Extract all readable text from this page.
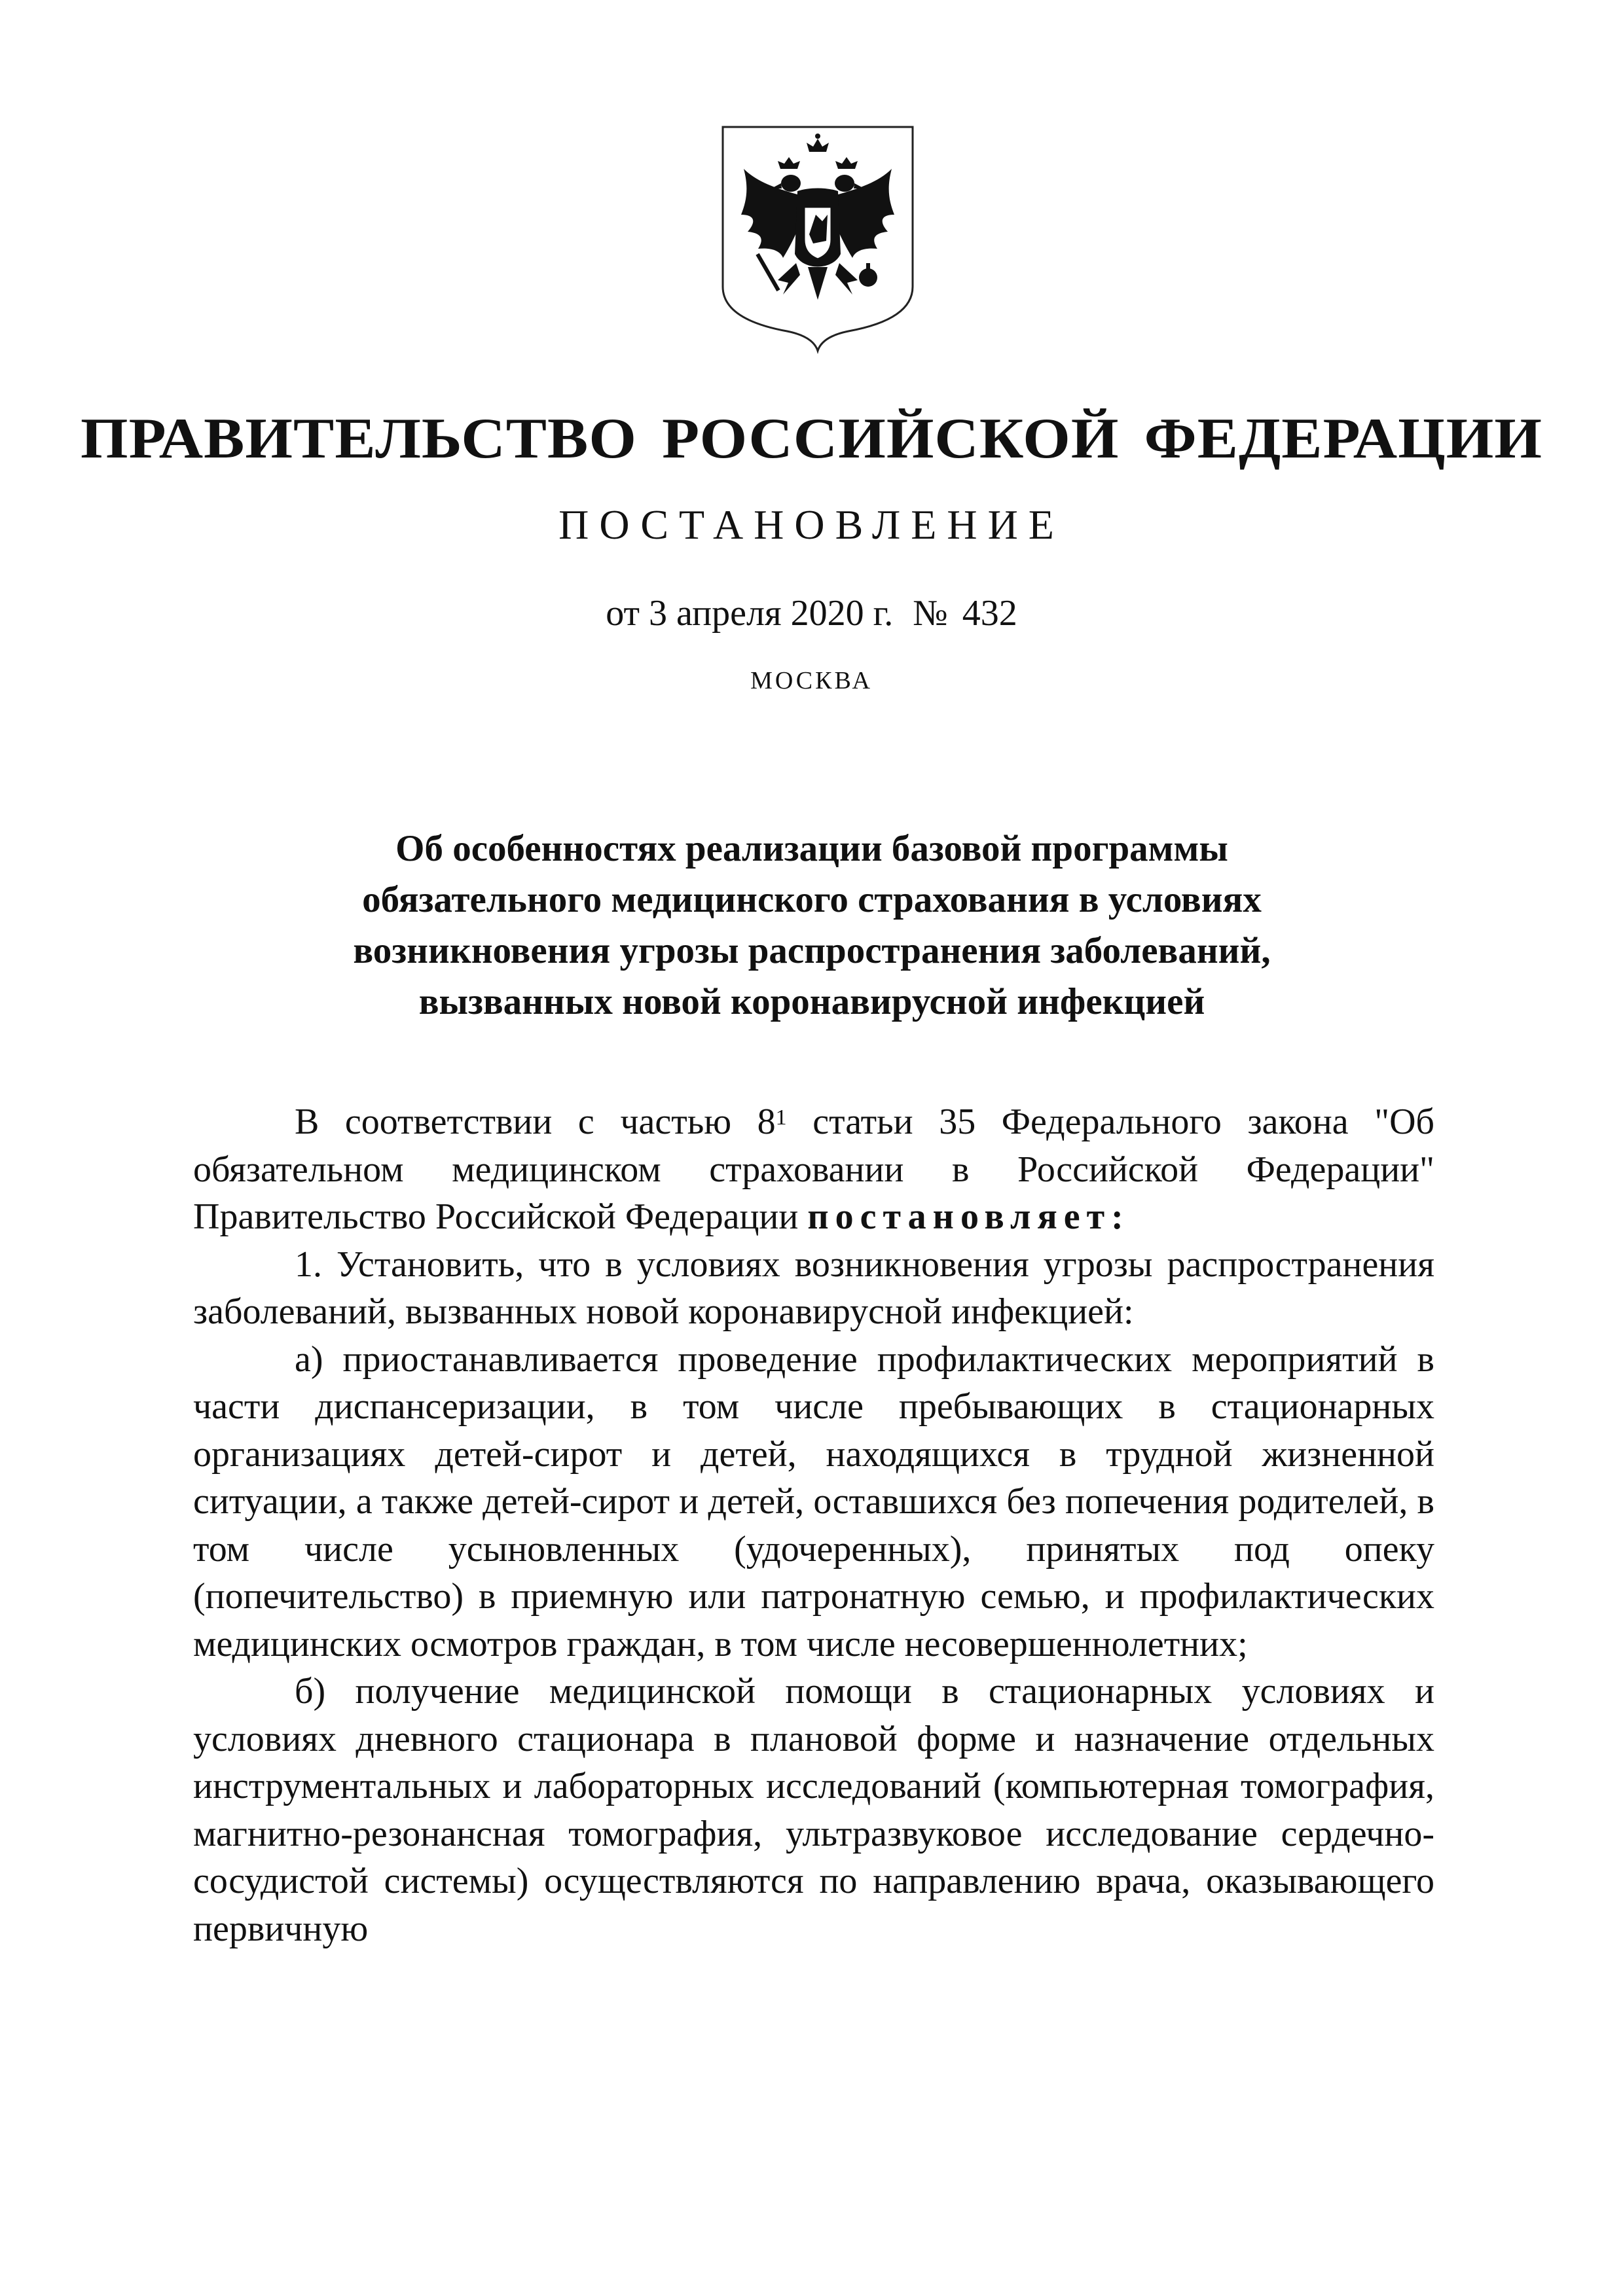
ПРАВИТЕЛЬСТВО РОССИЙСКОЙ ФЕДЕРАЦИИ
ПОСТАНОВЛЕНИЕ
от 3 апреля 2020 г. № 432
МОСКВА
Об особенностях реализации базовой программы
обязательного медицинского страхования в условиях
возникновения угрозы распространения заболеваний,
вызванных новой коронавирусной инфекцией

В соответствии с частью $8^1$ статьи 35 Федерального закона "Об обязательном медицинском страховании в Российской Федерации" Правительство Российской Федерации постановляет:

1. Установить, что в условиях возникновения угрозы распространения заболеваний, вызванных новой коронавирусной инфекцией:

а) приостанавливается проведение профилактических мероприятий в части диспансеризации, в том числе пребывающих в стационарных организациях детей-сирот и детей, находящихся в трудной жизненной ситуации, а также детей-сирот и детей, оставшихся без попечения родителей, в том числе усыновленных (удочеренных), принятых под опеку (попечительство) в приемную или патронатную семью, и профилактических медицинских осмотров граждан, в том числе несовершеннолетних;

б) получение медицинской помощи в стационарных условиях и условиях дневного стационара в плановой форме и назначение отдельных инструментальных и лабораторных исследований (компьютерная томография, магнитно-резонансная томография, ультразвуковое исследование сердечно-сосудистой системы) осуществляются по направлению врача, оказывающего первичную
